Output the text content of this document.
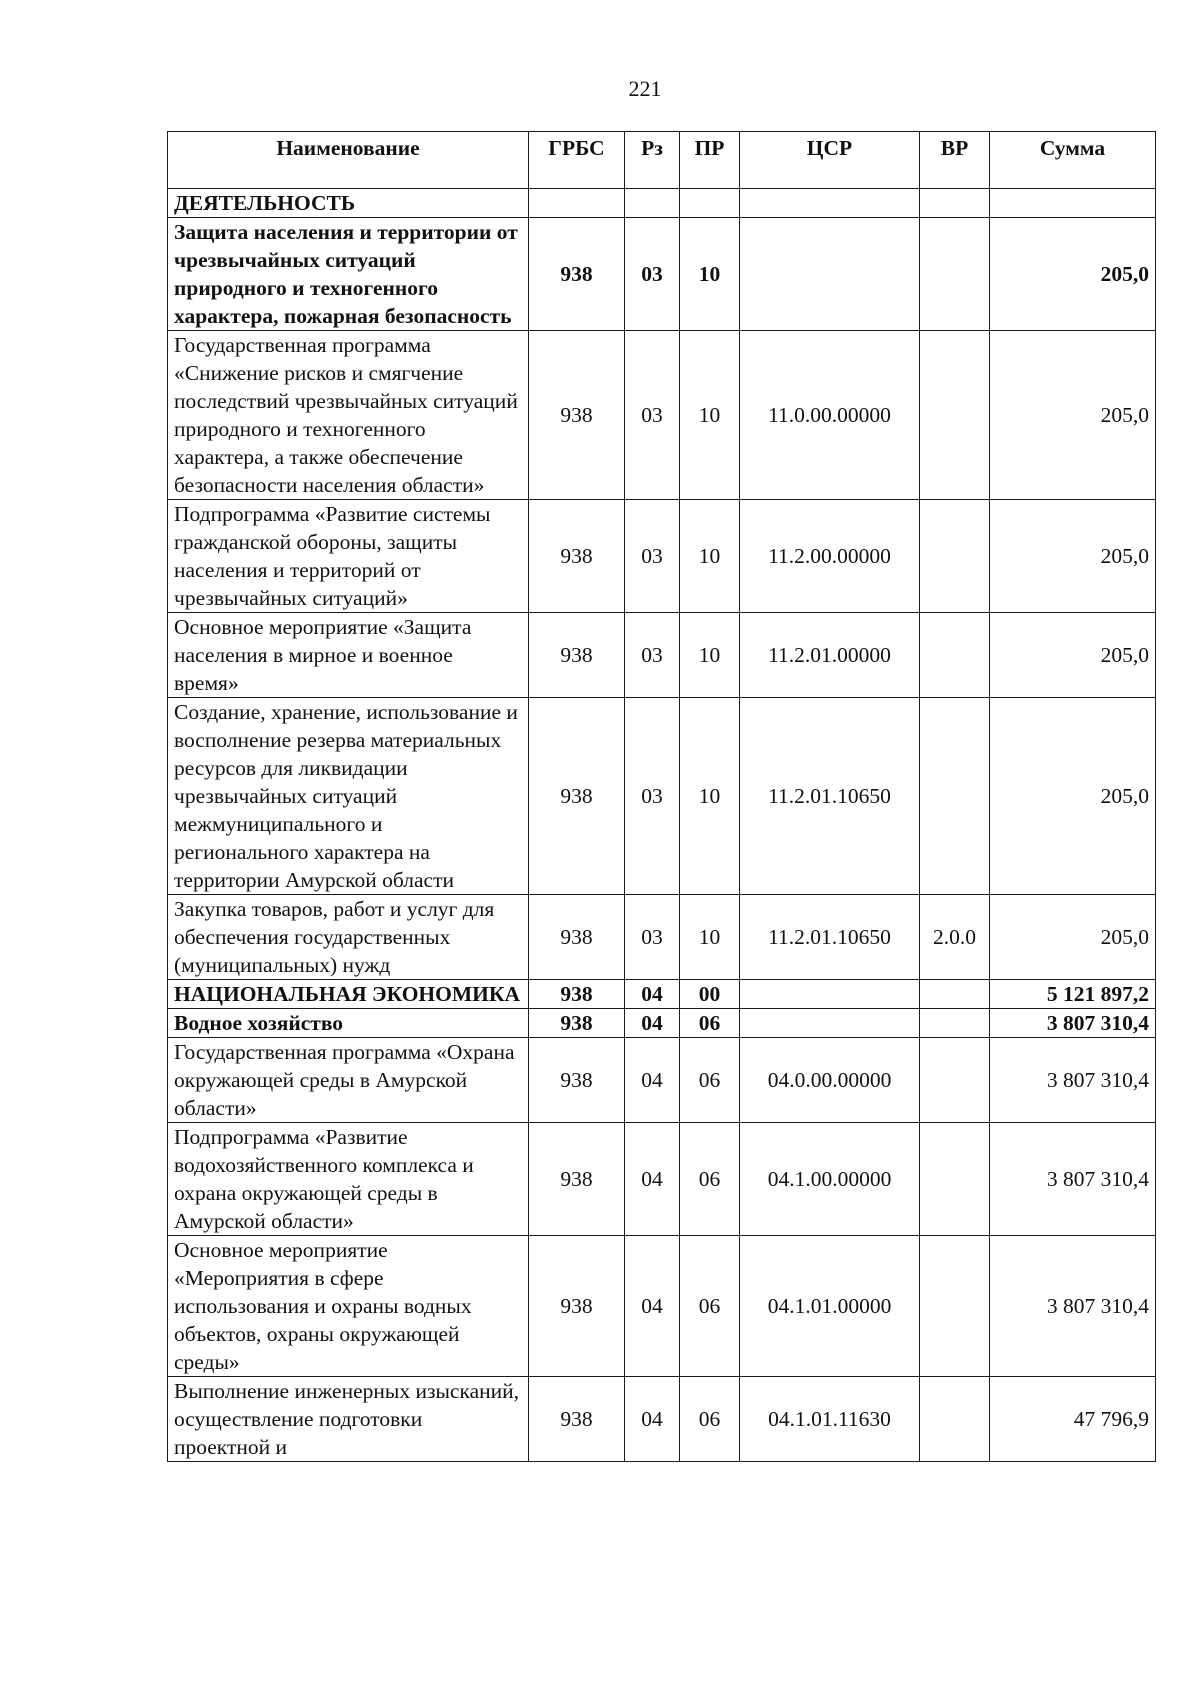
221
Наименование	ГРБС	Рз	ПР	ЦСР	ВР	Сумма
ДЕЯТЕЛЬНОСТЬ						
Защита населения и территории от чрезвычайных ситуаций природного и техногенного характера, пожарная безопасность	938	03	10			205,0
Государственная программа «Снижение рисков и смягчение последствий чрезвычайных ситуаций природного и техногенного характера, а также обеспечение безопасности населения области»	938	03	10	11.0.00.00000		205,0
Подпрограмма «Развитие системы гражданской обороны, защиты населения и территорий от чрезвычайных ситуаций»	938	03	10	11.2.00.00000		205,0
Основное мероприятие «Защита населения в мирное и военное время»	938	03	10	11.2.01.00000		205,0
Создание, хранение, использование и восполнение резерва материальных ресурсов для ликвидации чрезвычайных ситуаций межмуниципального и регионального характера на территории Амурской области	938	03	10	11.2.01.10650		205,0
Закупка товаров, работ и услуг для обеспечения государственных (муниципальных) нужд	938	03	10	11.2.01.10650	2.0.0	205,0
НАЦИОНАЛЬНАЯ ЭКОНОМИКА	938	04	00			5 121 897,2
Водное хозяйство	938	04	06			3 807 310,4
Государственная программа «Охрана окружающей среды в Амурской области»	938	04	06	04.0.00.00000		3 807 310,4
Подпрограмма «Развитие водохозяйственного комплекса и охрана окружающей среды в Амурской области»	938	04	06	04.1.00.00000		3 807 310,4
Основное мероприятие «Мероприятия в сфере использования и охраны водных объектов, охраны окружающей среды»	938	04	06	04.1.01.00000		3 807 310,4
Выполнение инженерных изысканий, осуществление подготовки проектной и	938	04	06	04.1.01.11630		47 796,9
